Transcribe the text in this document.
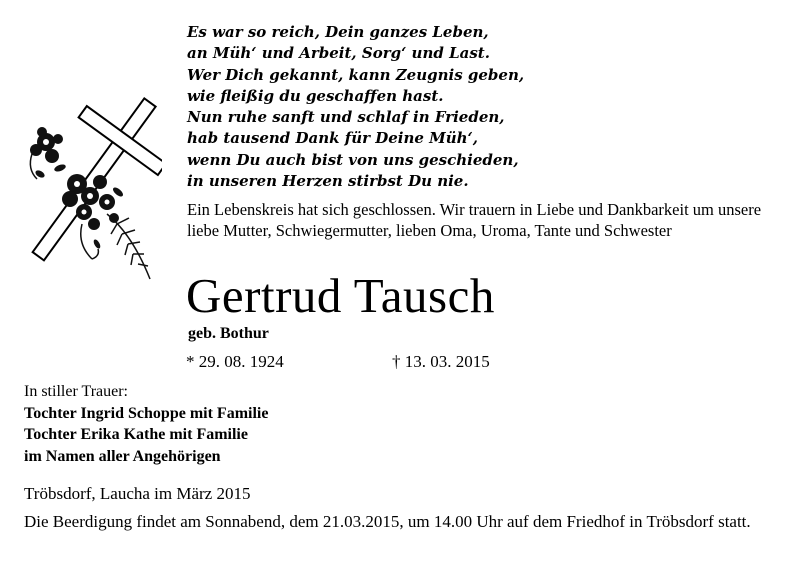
Es war so reich, Dein ganzes Leben,
an Müh‘ und Arbeit, Sorg‘ und Last.
Wer Dich gekannt, kann Zeugnis geben,
wie fleißig du geschaffen hast.
Nun ruhe sanft und schlaf in Frieden,
hab tausend Dank für Deine Müh‘,
wenn Du auch bist von uns geschieden,
in unseren Herzen stirbst Du nie.
Ein Lebenskreis hat sich geschlossen. Wir trauern in Liebe und Dankbarkeit um unsere liebe Mutter, Schwiegermutter, lieben Oma, Uroma, Tante und Schwester
Gertrud Tausch
geb. Bothur
* 29. 08. 1924	† 13. 03. 2015
In stiller Trauer:
Tochter Ingrid Schoppe mit Familie
Tochter Erika Kathe mit Familie
im Namen aller Angehörigen
Tröbsdorf, Laucha im März 2015
Die Beerdigung findet am Sonnabend, dem 21.03.2015, um 14.00 Uhr auf dem Friedhof in Tröbsdorf statt.
